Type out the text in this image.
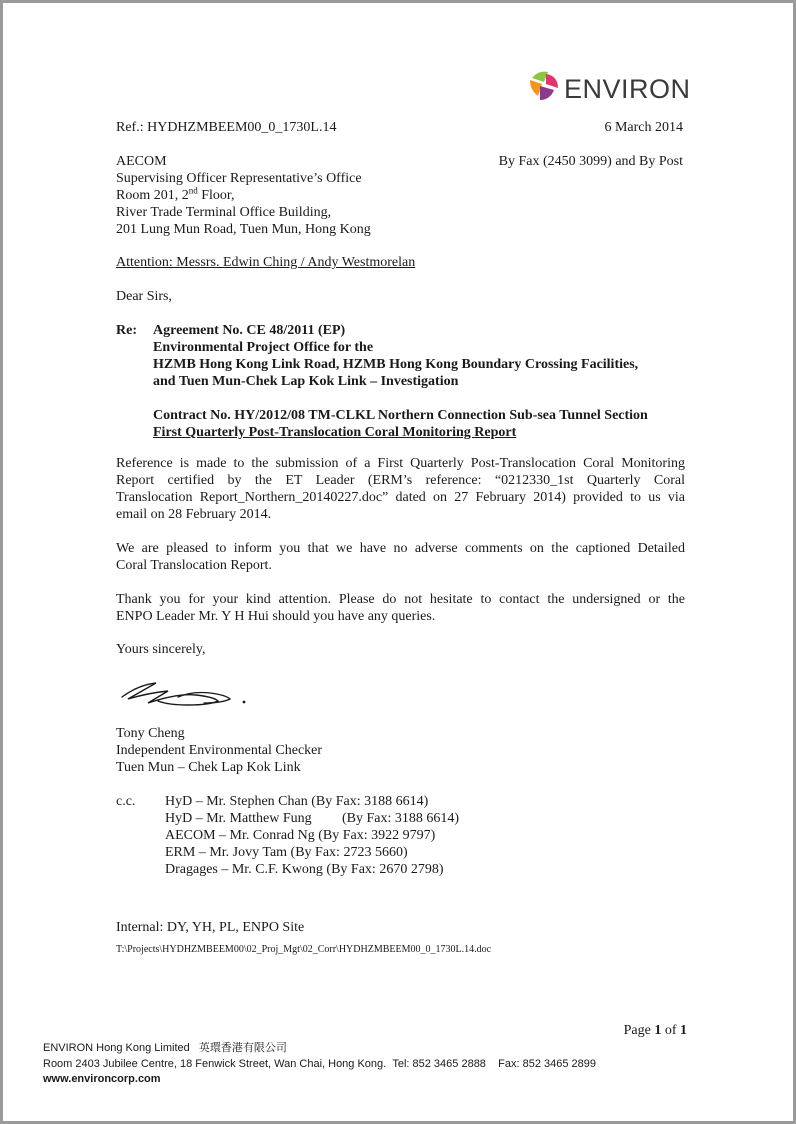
ENVIRON
Ref.: HYDHZMBEEM00_0_1730L.14	6 March 2014
AECOM	By Fax (2450 3099) and By Post
Supervising Officer Representative’s Office
Room 201, 2nd Floor,
River Trade Terminal Office Building,
201 Lung Mun Road, Tuen Mun, Hong Kong
Attention: Messrs. Edwin Ching / Andy Westmorelan
Dear Sirs,
Re: Agreement No. CE 48/2011 (EP)
Environmental Project Office for the
HZMB Hong Kong Link Road, HZMB Hong Kong Boundary Crossing Facilities,
and Tuen Mun-Chek Lap Kok Link – Investigation
Contract No. HY/2012/08 TM-CLKL Northern Connection Sub-sea Tunnel Section
First Quarterly Post-Translocation Coral Monitoring Report
Reference is made to the submission of a First Quarterly Post-Translocation Coral Monitoring
Report certified by the ET Leader (ERM’s reference: “0212330_1st Quarterly Coral
Translocation Report_Northern_20140227.doc” dated on 27 February 2014) provided to us via
email on 28 February 2014.
We are pleased to inform you that we have no adverse comments on the captioned Detailed
Coral Translocation Report.
Thank you for your kind attention. Please do not hesitate to contact the undersigned or the
ENPO Leader Mr. Y H Hui should you have any queries.
Yours sincerely,
Tony Cheng
Independent Environmental Checker
Tuen Mun – Chek Lap Kok Link
c.c. HyD – Mr. Stephen Chan (By Fax: 3188 6614)
HyD – Mr. Matthew Fung (By Fax: 3188 6614)
AECOM – Mr. Conrad Ng (By Fax: 3922 9797)
ERM – Mr. Jovy Tam (By Fax: 2723 5660)
Dragages – Mr. C.F. Kwong (By Fax: 2670 2798)
Internal: DY, YH, PL, ENPO Site
T:\Projects\HYDHZMBEEM00\02_Proj_Mgt\02_Corr\HYDHZMBEEM00_0_1730L.14.doc
Page 1 of 1
ENVIRON Hong Kong Limited 英環香港有限公司
Room 2403 Jubilee Centre, 18 Fenwick Street, Wan Chai, Hong Kong. Tel: 852 3465 2888 Fax: 852 3465 2899
www.environcorp.com
